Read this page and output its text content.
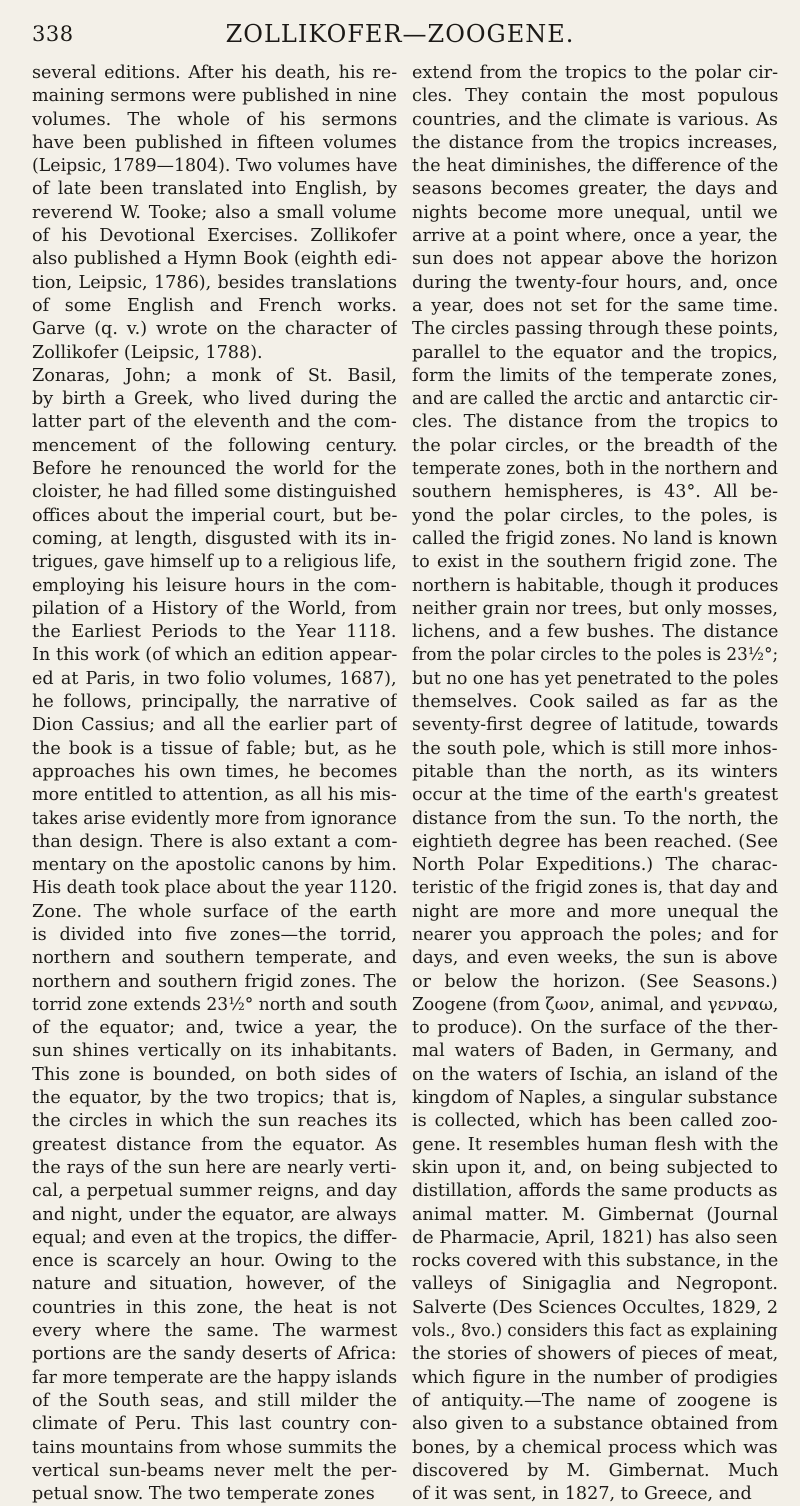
338	ZOLLIKOFER—ZOOGENE.
several editions. After his death, his re-
maining sermons were published in nine
volumes. The whole of his sermons
have been published in fifteen volumes
(Leipsic, 1789—1804). Two volumes have
of late been translated into English, by
reverend W. Tooke; also a small volume
of his Devotional Exercises. Zollikofer
also published a Hymn Book (eighth edi-
tion, Leipsic, 1786), besides translations
of some English and French works.
Garve (q. v.) wrote on the character of
Zollikofer (Leipsic, 1788).
Zonaras, John; a monk of St. Basil,
by birth a Greek, who lived during the
latter part of the eleventh and the com-
mencement of the following century.
Before he renounced the world for the
cloister, he had filled some distinguished
offices about the imperial court, but be-
coming, at length, disgusted with its in-
trigues, gave himself up to a religious life,
employing his leisure hours in the com-
pilation of a History of the World, from
the Earliest Periods to the Year 1118.
In this work (of which an edition appear-
ed at Paris, in two folio volumes, 1687),
he follows, principally, the narrative of
Dion Cassius; and all the earlier part of
the book is a tissue of fable; but, as he
approaches his own times, he becomes
more entitled to attention, as all his mis-
takes arise evidently more from ignorance
than design. There is also extant a com-
mentary on the apostolic canons by him.
His death took place about the year 1120.
Zone. The whole surface of the earth
is divided into five zones—the torrid,
northern and southern temperate, and
northern and southern frigid zones. The
torrid zone extends 23½° north and south
of the equator; and, twice a year, the
sun shines vertically on its inhabitants.
This zone is bounded, on both sides of
the equator, by the two tropics; that is,
the circles in which the sun reaches its
greatest distance from the equator. As
the rays of the sun here are nearly verti-
cal, a perpetual summer reigns, and day
and night, under the equator, are always
equal; and even at the tropics, the differ-
ence is scarcely an hour. Owing to the
nature and situation, however, of the
countries in this zone, the heat is not
every where the same. The warmest
portions are the sandy deserts of Africa:
far more temperate are the happy islands
of the South seas, and still milder the
climate of Peru. This last country con-
tains mountains from whose summits the
vertical sun-beams never melt the per-
petual snow. The two temperate zones
extend from the tropics to the polar cir-
cles. They contain the most populous
countries, and the climate is various. As
the distance from the tropics increases,
the heat diminishes, the difference of the
seasons becomes greater, the days and
nights become more unequal, until we
arrive at a point where, once a year, the
sun does not appear above the horizon
during the twenty-four hours, and, once
a year, does not set for the same time.
The circles passing through these points,
parallel to the equator and the tropics,
form the limits of the temperate zones,
and are called the arctic and antarctic cir-
cles. The distance from the tropics to
the polar circles, or the breadth of the
temperate zones, both in the northern and
southern hemispheres, is 43°. All be-
yond the polar circles, to the poles, is
called the frigid zones. No land is known
to exist in the southern frigid zone. The
northern is habitable, though it produces
neither grain nor trees, but only mosses,
lichens, and a few bushes. The distance
from the polar circles to the poles is 23½°;
but no one has yet penetrated to the poles
themselves. Cook sailed as far as the
seventy-first degree of latitude, towards
the south pole, which is still more inhos-
pitable than the north, as its winters
occur at the time of the earth's greatest
distance from the sun. To the north, the
eightieth degree has been reached. (See
North Polar Expeditions.) The charac-
teristic of the frigid zones is, that day and
night are more and more unequal the
nearer you approach the poles; and for
days, and even weeks, the sun is above
or below the horizon. (See Seasons.)
Zoogene (from ζωον, animal, and γενναω,
to produce). On the surface of the ther-
mal waters of Baden, in Germany, and
on the waters of Ischia, an island of the
kingdom of Naples, a singular substance
is collected, which has been called zoo-
gene. It resembles human flesh with the
skin upon it, and, on being subjected to
distillation, affords the same products as
animal matter. M. Gimbernat (Journal
de Pharmacie, April, 1821) has also seen
rocks covered with this substance, in the
valleys of Sinigaglia and Negropont.
Salverte (Des Sciences Occultes, 1829, 2
vols., 8vo.) considers this fact as explaining
the stories of showers of pieces of meat,
which figure in the number of prodigies
of antiquity.—The name of zoogene is
also given to a substance obtained from
bones, by a chemical process which was
discovered by M. Gimbernat. Much
of it was sent, in 1827, to Greece, and
